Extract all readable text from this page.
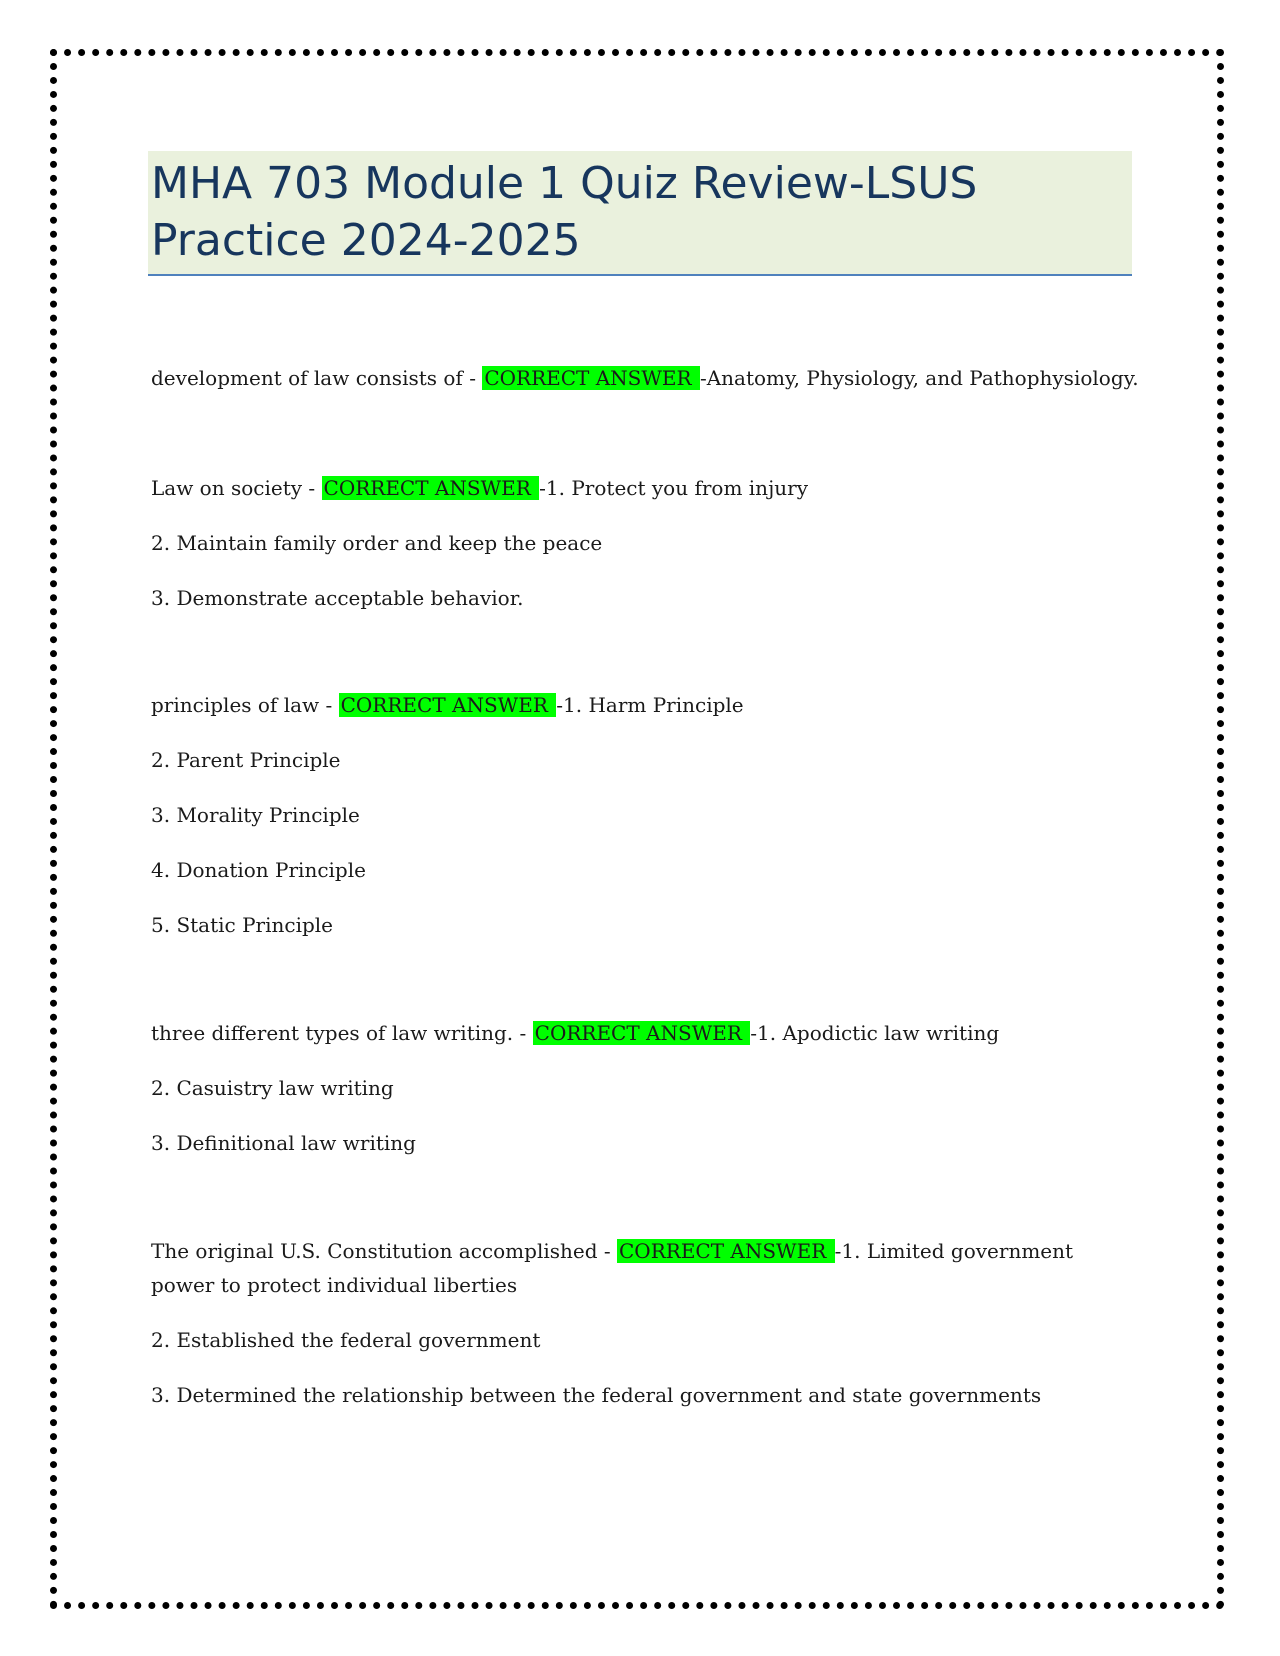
MHA 703 Module 1 Quiz Review-LSUS
Practice 2024-2025

development of law consists of - CORRECT ANSWER -Anatomy, Physiology, and Pathophysiology.

Law on society - CORRECT ANSWER -1. Protect you from injury

2. Maintain family order and keep the peace

3. Demonstrate acceptable behavior.

principles of law - CORRECT ANSWER -1. Harm Principle

2. Parent Principle

3. Morality Principle

4. Donation Principle

5. Static Principle

three different types of law writing. - CORRECT ANSWER -1. Apodictic law writing

2. Casuistry law writing

3. Definitional law writing

The original U.S. Constitution accomplished - CORRECT ANSWER -1. Limited government power to protect individual liberties

2. Established the federal government

3. Determined the relationship between the federal government and state governments
